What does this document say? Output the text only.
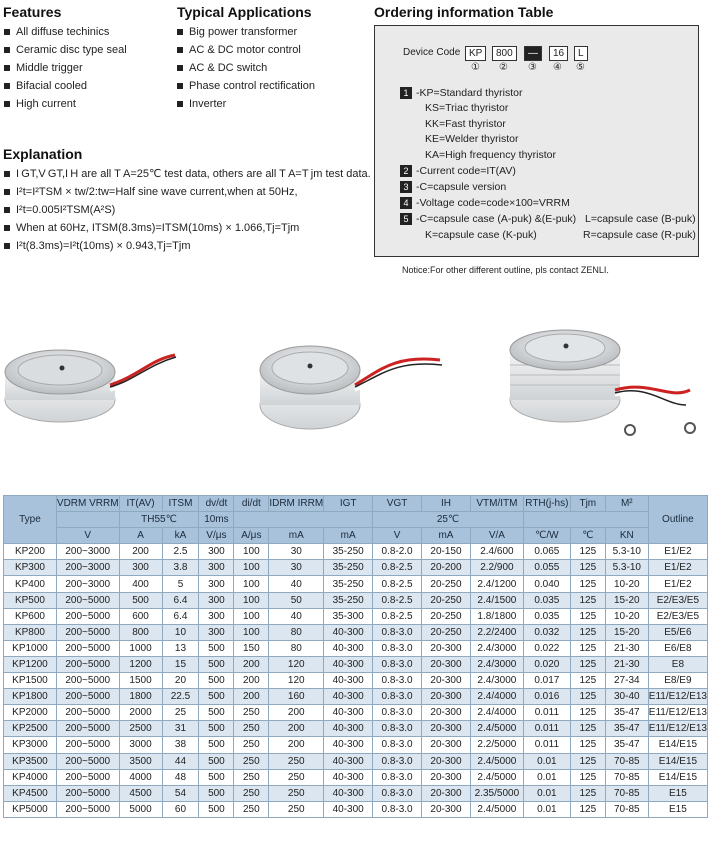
Features
All diffuse techinics
Ceramic disc type seal
Middle trigger
Bifacial cooled
High current
Typical Applications
Big power transformer
AC & DC motor control
AC & DC switch
Phase control rectification
Inverter
Explanation
I GT,V GT,I H are all T A=25℃ test data, others are all T A=T jm test data.
I²t=I²TSM × tw/2:tw=Half sine wave current,when at 50Hz,
I²t=0.005I²TSM(A²S)
When at 60Hz, ITSM(8.3ms)=ITSM(10ms) × 1.066,Tj=Tjm
I²t(8.3ms)=I²t(10ms) × 0.943,Tj=Tjm
Ordering information Table
Device Code KP	800	—	16	L
① ② ③ ④ ⑤
1 -KP=Standard thyristor
KS=Triac thyristor
KK=Fast thyristor
KE=Welder thyristor
KA=High frequency thyristor
2 -Current code=IT(AV)
3 -C=capsule version
4 -Voltage code=code×100=VRRM
5 -C=capsule case (A-puk) &(E-puk) L=capsule case (B-puk)
K=capsule case (K-puk)	R=capsule case (R-puk)
Notice:For other different outline, pls contact ZENLI.
Type	VDRM VRRM	IT(AV)	ITSM	dv/dt	di/dt	IDRM IRRM	IGT	VGT	IH	VTM/ITM	RTH(j-hs)	Tjm	M²	Outline
		TH55℃		10ms				25℃						
	V	A	kA	V/μs	A/μs	mA	mA	V	mA	V/A	℃/W	℃	KN	
KP200	200~3000	200	2.5	300	100	30	35-250	0.8-2.0	20-150	2.4/600	0.065	125	5.3-10	E1/E2
KP300	200~3000	300	3.8	300	100	30	35-250	0.8-2.5	20-200	2.2/900	0.055	125	5.3-10	E1/E2
KP400	200~3000	400	5	300	100	40	35-250	0.8-2.5	20-250	2.4/1200	0.040	125	10-20	E1/E2
KP500	200~5000	500	6.4	300	100	50	35-250	0.8-2.5	20-250	2.4/1500	0.035	125	15-20	E2/E3/E5
KP600	200~5000	600	6.4	300	100	40	35-300	0.8-2.5	20-250	1.8/1800	0.035	125	10-20	E2/E3/E5
KP800	200~5000	800	10	300	100	80	40-300	0.8-3.0	20-250	2.2/2400	0.032	125	15-20	E5/E6
KP1000	200~5000	1000	13	500	150	80	40-300	0.8-3.0	20-300	2.4/3000	0.022	125	21-30	E6/E8
KP1200	200~5000	1200	15	500	200	120	40-300	0.8-3.0	20-300	2.4/3000	0.020	125	21-30	E8
KP1500	200~5000	1500	20	500	200	120	40-300	0.8-3.0	20-300	2.4/3000	0.017	125	27-34	E8/E9
KP1800	200~5000	1800	22.5	500	200	160	40-300	0.8-3.0	20-300	2.4/4000	0.016	125	30-40	E11/E12/E13
KP2000	200~5000	2000	25	500	250	200	40-300	0.8-3.0	20-300	2.4/4000	0.011	125	35-47	E11/E12/E13
KP2500	200~5000	2500	31	500	250	200	40-300	0.8-3.0	20-300	2.4/5000	0.011	125	35-47	E11/E12/E13
KP3000	200~5000	3000	38	500	250	200	40-300	0.8-3.0	20-300	2.2/5000	0.011	125	35-47	E14/E15
KP3500	200~5000	3500	44	500	250	250	40-300	0.8-3.0	20-300	2.4/5000	0.01	125	70-85	E14/E15
KP4000	200~5000	4000	48	500	250	250	40-300	0.8-3.0	20-300	2.4/5000	0.01	125	70-85	E14/E15
KP4500	200~5000	4500	54	500	250	250	40-300	0.8-3.0	20-300	2.35/5000	0.01	125	70-85	E15
KP5000	200~5000	5000	60	500	250	250	40-300	0.8-3.0	20-300	2.4/5000	0.01	125	70-85	E15
